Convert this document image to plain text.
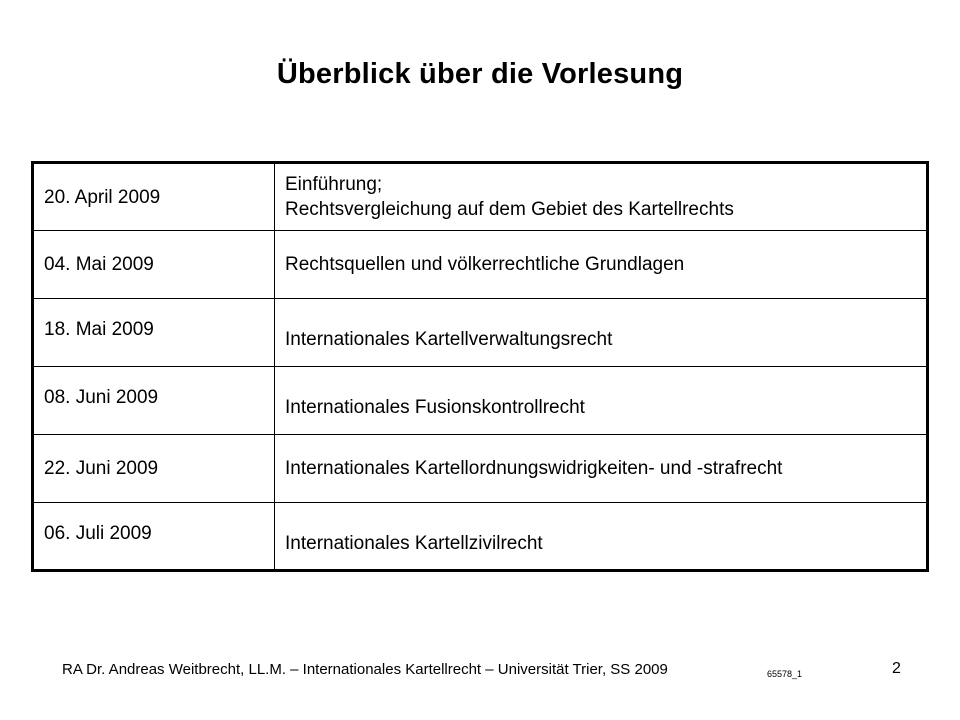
Überblick über die Vorlesung
20. April 2009	Einführung;
Rechtsvergleichung auf dem Gebiet des Kartellrechts

04. Mai 2009	Rechtsquellen und völkerrechtliche Grundlagen

18. Mai 2009	Internationales Kartellverwaltungsrecht

08. Juni 2009	Internationales Fusionskontrollrecht

22. Juni 2009	Internationales Kartellordnungswidrigkeiten- und -strafrecht

06. Juli 2009	Internationales Kartellzivilrecht
RA Dr. Andreas Weitbrecht, LL.M. – Internationales Kartellrecht – Universität Trier, SS 2009	65578_1	2
